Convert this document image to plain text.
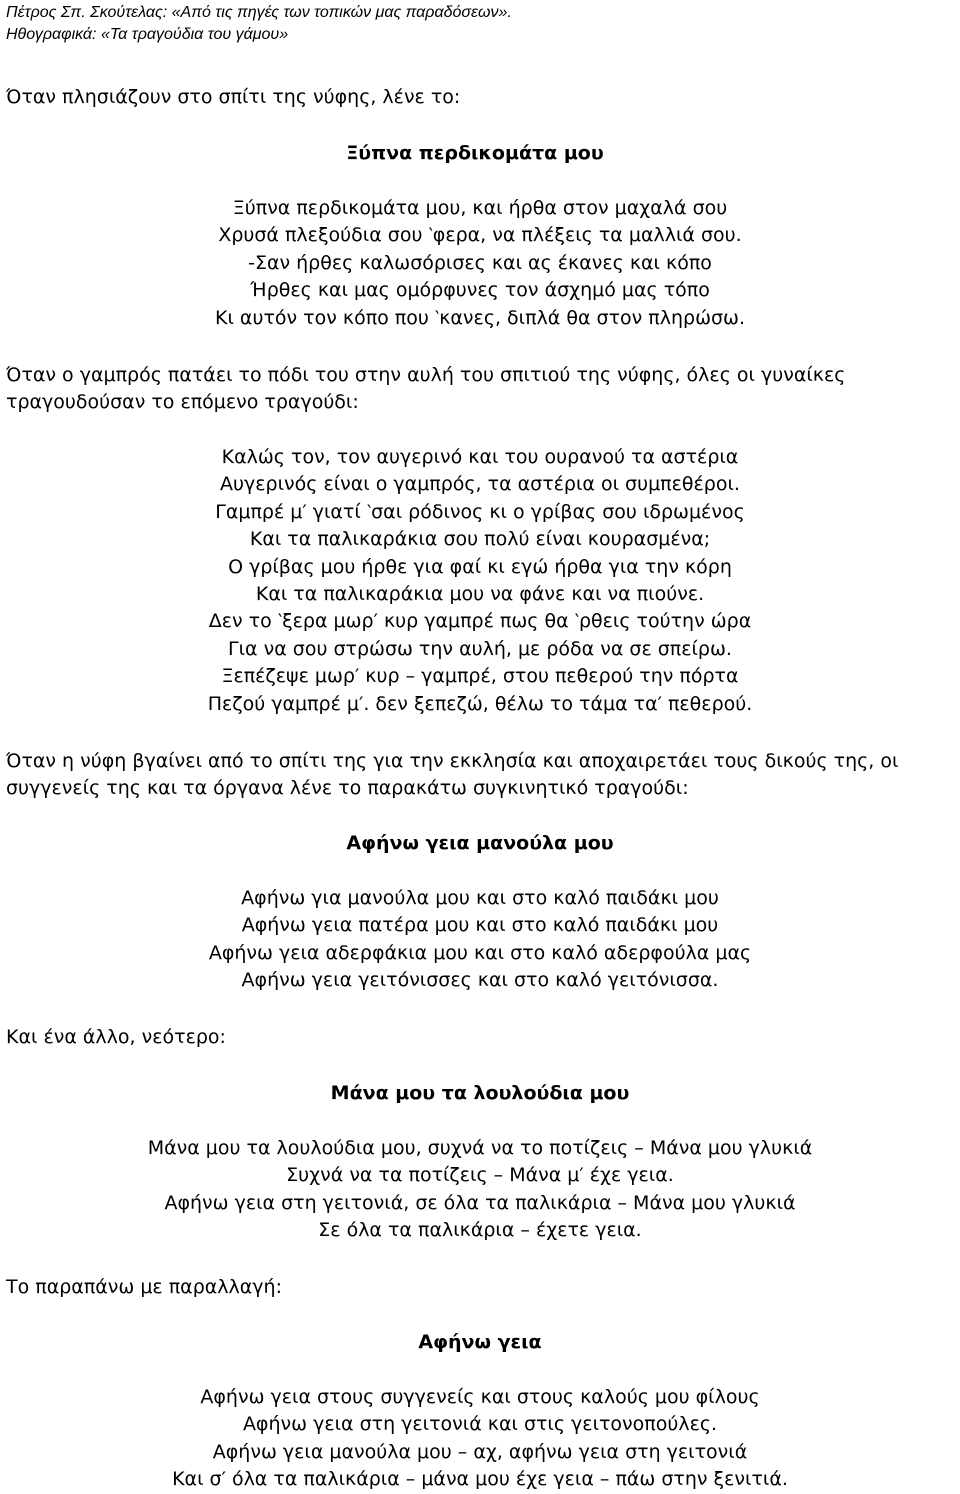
Πέτρος Σπ. Σκούτελας: «Από τις πηγές των τοπικών μας παραδόσεων».
Ηθογραφικά: «Τα τραγούδια του γάμου»
Όταν πλησιάζουν στο σπίτι της νύφης, λένε το:
Ξύπνα περδικομάτα μου
Ξύπνα περδικομάτα μου, και ήρθα στον μαχαλά σου
Χρυσά πλεξούδια σου ‵φερα, να πλέξεις τα μαλλιά σου.
-Σαν ήρθες καλωσόρισες και ας έκανες και κόπο
Ήρθες και μας ομόρφυνες τον άσχημό μας τόπο
Κι αυτόν τον κόπο που ‵κανες, διπλά θα στον πληρώσω.
Όταν ο γαμπρός πατάει το πόδι του στην αυλή του σπιτιού της νύφης, όλες οι γυναίκες τραγουδούσαν το επόμενο τραγούδι:
Καλώς τον, τον αυγερινό και του ουρανού τα αστέρια
Αυγερινός είναι ο γαμπρός, τα αστέρια οι συμπεθέροι.
Γαμπρέ μ′ γιατί ‵σαι ρόδινος κι ο γρίβας σου ιδρωμένος
Και τα παλικαράκια σου πολύ είναι κουρασμένα;
Ο γρίβας μου ήρθε για φαί κι εγώ ήρθα για την κόρη
Και τα παλικαράκια μου να φάνε και να πιούνε.
Δεν το ‵ξερα μωρ′ κυρ γαμπρέ πως θα ‵ρθεις τούτην ώρα
Για να σου στρώσω την αυλή, με ρόδα να σε σπείρω.
Ξεπέζεψε μωρ′ κυρ – γαμπρέ, στου πεθερού την πόρτα
Πεζού γαμπρέ μ′. δεν ξεπεζώ, θέλω το τάμα τα′ πεθερού.
Όταν η νύφη βγαίνει από το σπίτι της για την εκκλησία και αποχαιρετάει τους δικούς της, οι συγγενείς της και τα όργανα λένε το παρακάτω συγκινητικό τραγούδι:
Αφήνω γεια μανούλα μου
Αφήνω για μανούλα μου και στο καλό παιδάκι μου
Αφήνω γεια πατέρα μου και στο καλό παιδάκι μου
Αφήνω γεια αδερφάκια μου και στο καλό αδερφούλα μας
Αφήνω γεια γειτόνισσες και στο καλό γειτόνισσα.
Και ένα άλλο, νεότερο:
Μάνα μου τα λουλούδια μου
Μάνα μου τα λουλούδια μου, συχνά να το ποτίζεις – Μάνα μου γλυκιά
Συχνά να τα ποτίζεις – Μάνα μ′ έχε γεια.
Αφήνω γεια στη γειτονιά, σε όλα τα παλικάρια – Μάνα μου γλυκιά
Σε όλα τα παλικάρια – έχετε γεια.
Το παραπάνω με παραλλαγή:
Αφήνω γεια
Αφήνω γεια στους συγγενείς και στους καλούς μου φίλους
Αφήνω γεια στη γειτονιά και στις γειτονοπούλες.
Αφήνω γεια μανούλα μου – αχ, αφήνω γεια στη γειτονιά
Και σ′ όλα τα παλικάρια – μάνα μου έχε γεια – πάω στην ξενιτιά.
